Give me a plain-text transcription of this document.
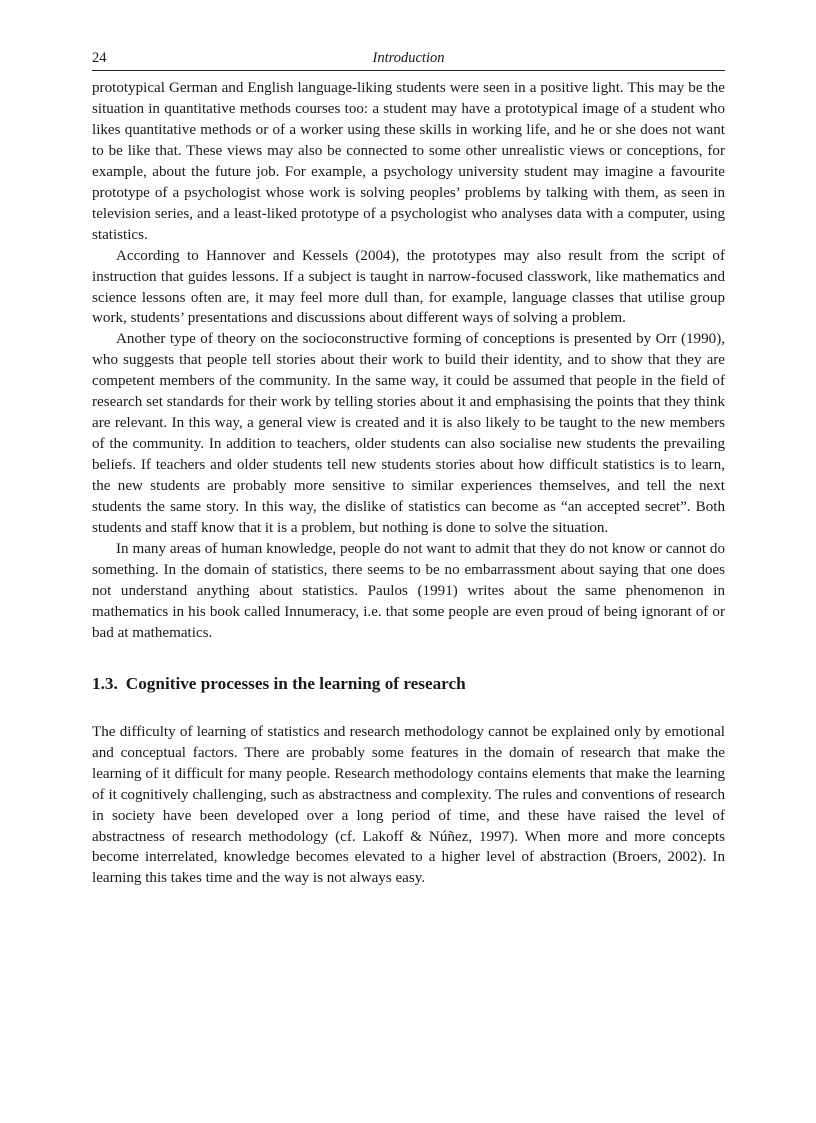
24	Introduction

prototypical German and English language-liking students were seen in a positive light. This may be the situation in quantitative methods courses too: a student may have a prototypical image of a student who likes quantitative methods or of a worker using these skills in working life, and he or she does not want to be like that. These views may also be connected to some other unrealistic views or conceptions, for example, about the future job. For example, a psychology university student may imagine a favourite prototype of a psychologist whose work is solving peoples’ problems by talking with them, as seen in television series, and a least-liked prototype of a psychologist who analyses data with a computer, using statistics.

According to Hannover and Kessels (2004), the prototypes may also result from the script of instruction that guides lessons. If a subject is taught in narrow-focused classwork, like mathematics and science lessons often are, it may feel more dull than, for example, language classes that utilise group work, students’ presentations and discussions about different ways of solving a problem.

Another type of theory on the socioconstructive forming of conceptions is presented by Orr (1990), who suggests that people tell stories about their work to build their identity, and to show that they are competent members of the community. In the same way, it could be assumed that people in the field of research set standards for their work by telling stories about it and emphasising the points that they think are relevant. In this way, a general view is created and it is also likely to be taught to the new members of the community. In addition to teachers, older students can also socialise new students the prevailing beliefs. If teachers and older students tell new students stories about how difficult statistics is to learn, the new students are probably more sensitive to similar experiences themselves, and tell the next students the same story. In this way, the dislike of statistics can become as “an accepted secret”. Both students and staff know that it is a problem, but nothing is done to solve the situation.

In many areas of human knowledge, people do not want to admit that they do not know or cannot do something. In the domain of statistics, there seems to be no embarrassment about saying that one does not understand anything about statistics. Paulos (1991) writes about the same phenomenon in mathematics in his book called Innumeracy, i.e. that some people are even proud of being ignorant of or bad at mathematics.

1.3. Cognitive processes in the learning of research

The difficulty of learning of statistics and research methodology cannot be explained only by emotional and conceptual factors. There are probably some features in the domain of research that make the learning of it difficult for many people. Research methodology contains elements that make the learning of it cognitively challenging, such as abstractness and complexity. The rules and conventions of research in society have been developed over a long period of time, and these have raised the level of abstractness of research methodology (cf. Lakoff & Núñez, 1997). When more and more concepts become interrelated, knowledge becomes elevated to a higher level of abstraction (Broers, 2002). In learning this takes time and the way is not always easy.
